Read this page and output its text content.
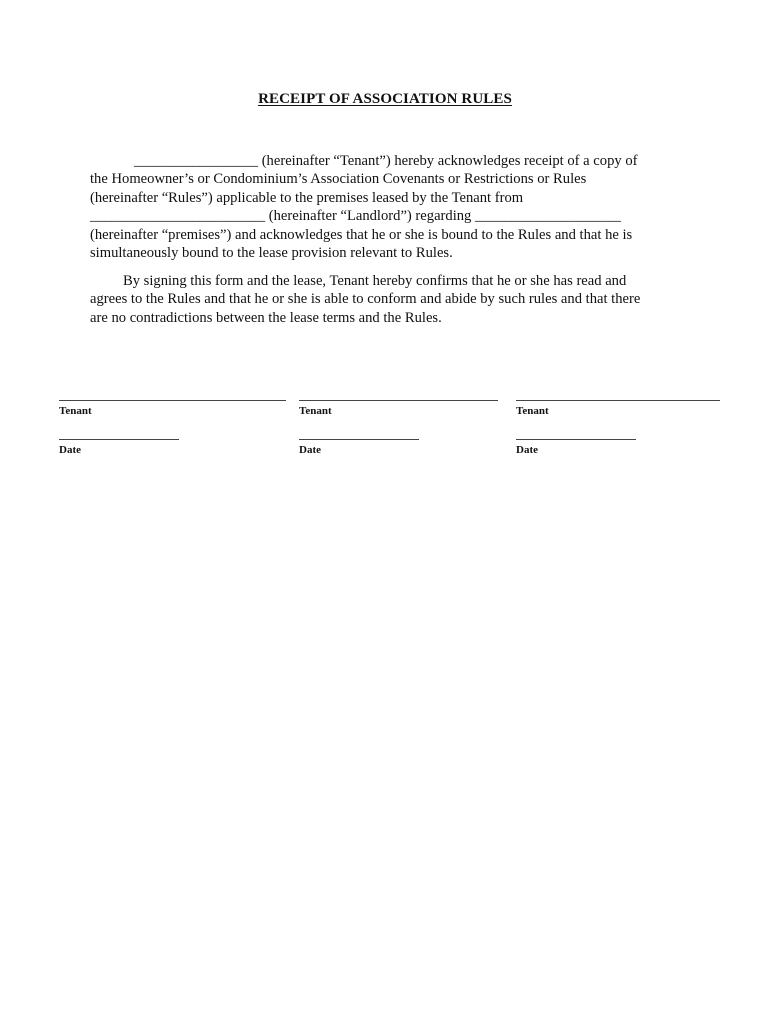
RECEIPT OF ASSOCIATION RULES
_________________ (hereinafter “Tenant”) hereby acknowledges receipt of a copy of
the Homeowner’s or Condominium’s Association Covenants or Restrictions or Rules
(hereinafter “Rules”) applicable to the premises leased by the Tenant from
________________________ (hereinafter “Landlord”) regarding ____________________
(hereinafter “premises”) and acknowledges that he or she is bound to the Rules and that he is
simultaneously bound to the lease provision relevant to Rules.
By signing this form and the lease, Tenant hereby confirms that he or she has read and
agrees to the Rules and that he or she is able to conform and abide by such rules and that there
are no contradictions between the lease terms and the Rules.
Tenant
Date
Tenant
Date
Tenant
Date
